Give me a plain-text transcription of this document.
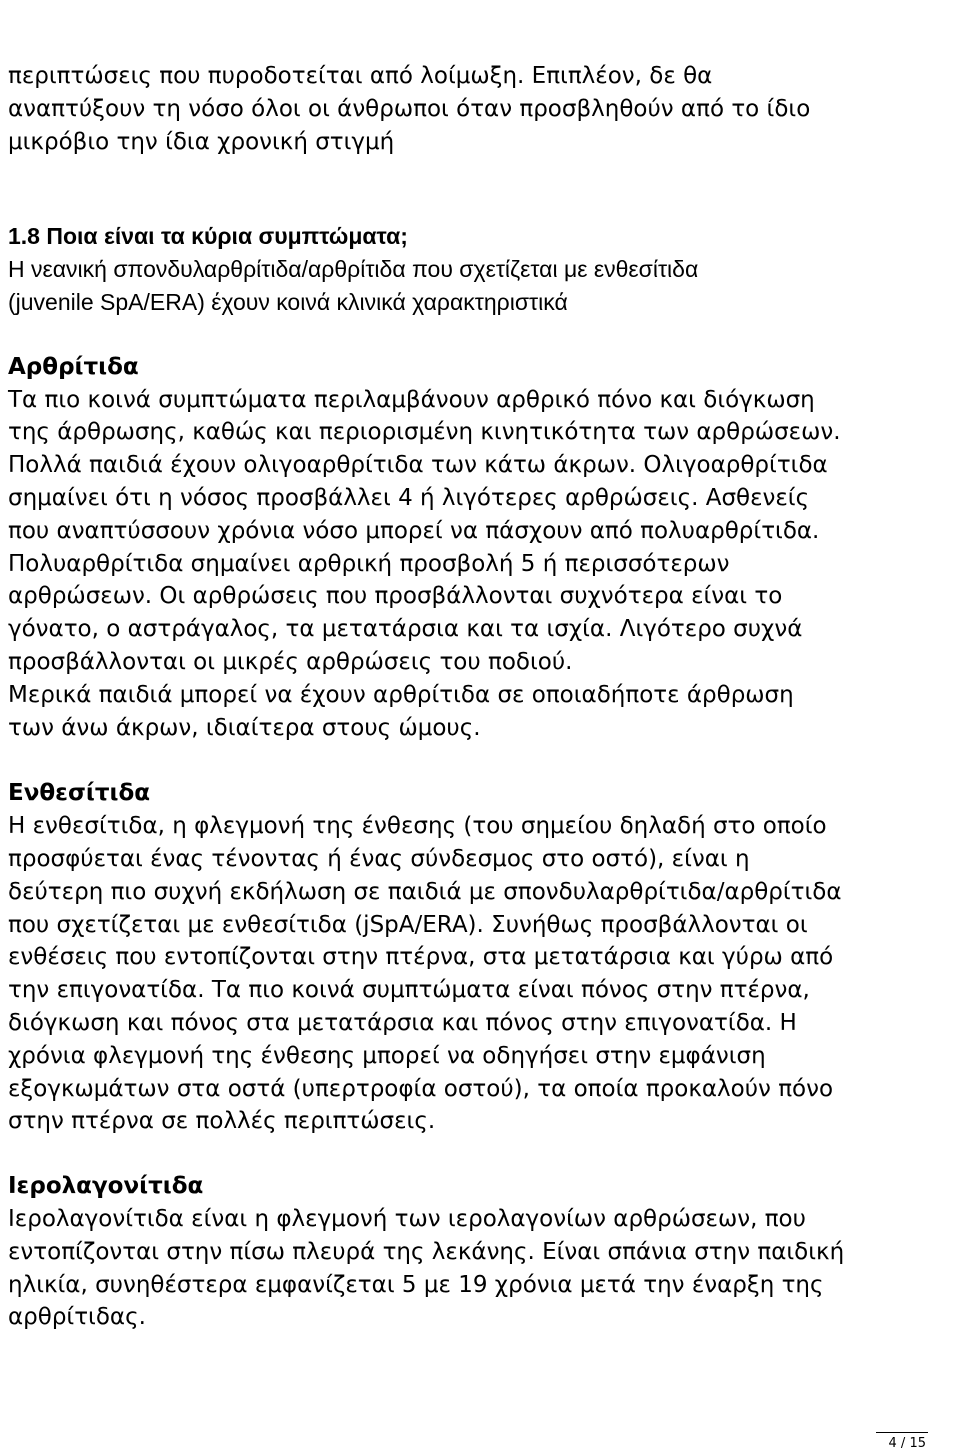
περιπτώσεις που πυροδοτείται από λοίμωξη. Επιπλέον, δε θα
αναπτύξουν τη νόσο όλοι οι άνθρωποι όταν προσβληθούν από το ίδιο
μικρόβιο την ίδια χρονική στιγμή

1.8 Ποια είναι τα κύρια συμπτώματα;

Η νεανική σπονδυλαρθρίτιδα/αρθρίτιδα που σχετίζεται με ενθεσίτιδα
(juvenile SpA/ERA) έχουν κοινά κλινικά χαρακτηριστικά

Αρθρίτιδα

Τα πιο κοινά συμπτώματα περιλαμβάνουν αρθρικό πόνο και διόγκωση
της άρθρωσης, καθώς και περιορισμένη κινητικότητα των αρθρώσεων.
Πολλά παιδιά έχουν ολιγοαρθρίτιδα των κάτω άκρων. Ολιγοαρθρίτιδα
σημαίνει ότι η νόσος προσβάλλει 4 ή λιγότερες αρθρώσεις. Ασθενείς
που αναπτύσσουν χρόνια νόσο μπορεί να πάσχουν από πολυαρθρίτιδα.
Πολυαρθρίτιδα σημαίνει αρθρική προσβολή 5 ή περισσότερων
αρθρώσεων. Οι αρθρώσεις που προσβάλλονται συχνότερα είναι το
γόνατο, ο αστράγαλος, τα μετατάρσια και τα ισχία. Λιγότερο συχνά
προσβάλλονται οι μικρές αρθρώσεις του ποδιού.
Μερικά παιδιά μπορεί να έχουν αρθρίτιδα σε οποιαδήποτε άρθρωση
των άνω άκρων, ιδιαίτερα στους ώμους.

Ενθεσίτιδα

Η ενθεσίτιδα, η φλεγμονή της ένθεσης (του σημείου δηλαδή στο οποίο
προσφύεται ένας τένοντας ή ένας σύνδεσμος στο οστό), είναι η
δεύτερη πιο συχνή εκδήλωση σε παιδιά με σπονδυλαρθρίτιδα/αρθρίτιδα
που σχετίζεται με ενθεσίτιδα (jSpA/ERA). Συνήθως προσβάλλονται οι
ενθέσεις που εντοπίζονται στην πτέρνα, στα μετατάρσια και γύρω από
την επιγονατίδα. Τα πιο κοινά συμπτώματα είναι πόνος στην πτέρνα,
διόγκωση και πόνος στα μετατάρσια και πόνος στην επιγονατίδα. Η
χρόνια φλεγμονή της ένθεσης μπορεί να οδηγήσει στην εμφάνιση
εξογκωμάτων στα οστά (υπερτροφία οστού), τα οποία προκαλούν πόνο
στην πτέρνα σε πολλές περιπτώσεις.

Ιερολαγονίτιδα

Ιερολαγονίτιδα είναι η φλεγμονή των ιερολαγονίων αρθρώσεων, που
εντοπίζονται στην πίσω πλευρά της λεκάνης. Είναι σπάνια στην παιδική
ηλικία, συνηθέστερα εμφανίζεται 5 με 19 χρόνια μετά την έναρξη της
αρθρίτιδας.

4 / 15
